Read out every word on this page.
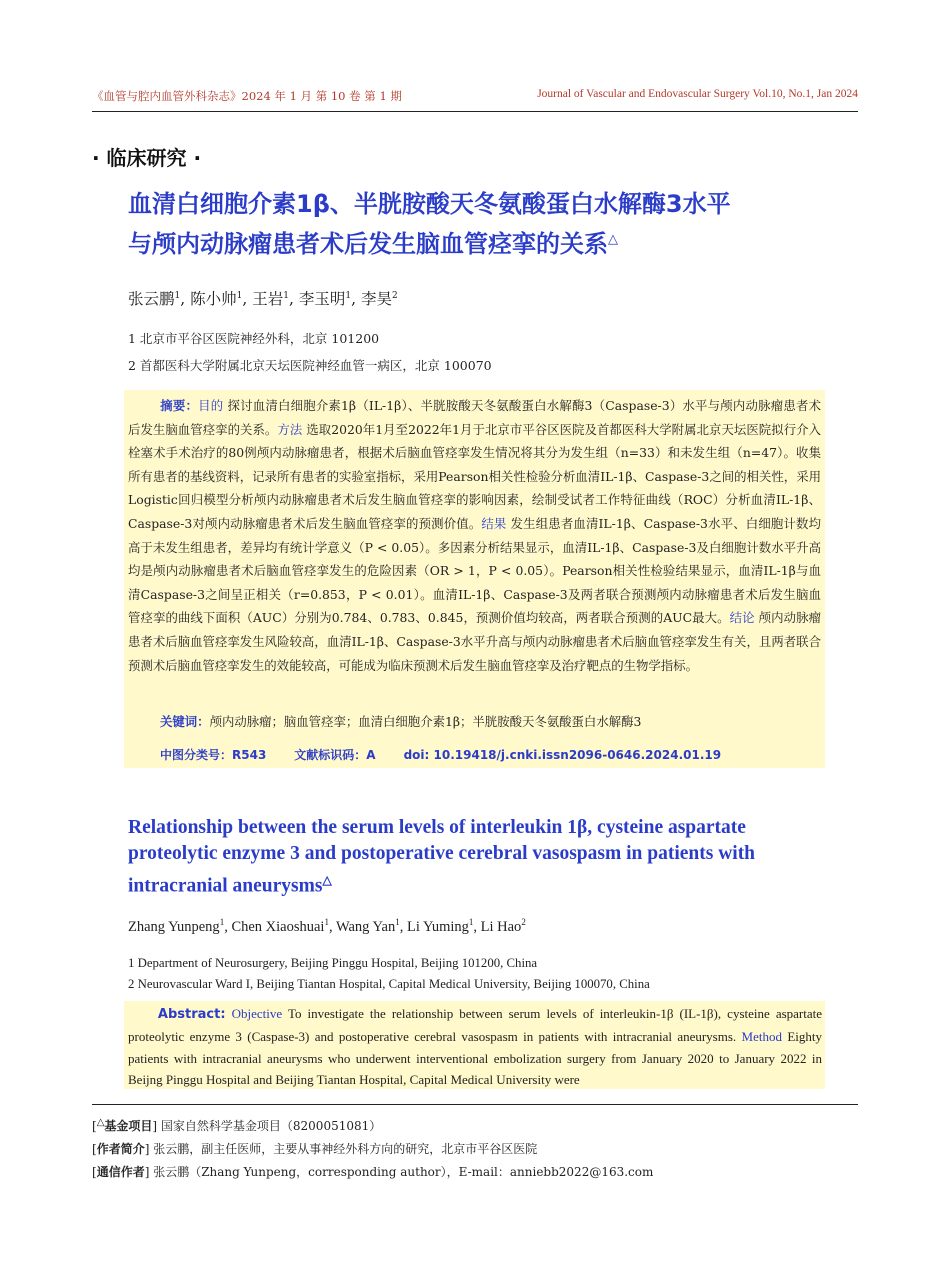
《血管与腔内血管外科杂志》2024 年 1 月 第 10 卷 第 1 期	Journal of Vascular and Endovascular Surgery Vol.10, No.1, Jan 2024
· 临床研究 ·
血清白细胞介素1β、半胱胺酸天冬氨酸蛋白水解酶3水平
与颅内动脉瘤患者术后发生脑血管痉挛的关系△
张云鹏$^1$, 陈小帅$^1$, 王岩$^1$, 李玉明$^1$, 李昊$^2$
1 北京市平谷区医院神经外科，北京 101200
2 首都医科大学附属北京天坛医院神经血管一病区，北京 100070

摘要：目的 探讨血清白细胞介素1β（IL-1β）、半胱胺酸天冬氨酸蛋白水解酶3（Caspase-3）水平与颅内动脉瘤患者术后发生脑血管痉挛的关系。方法 选取2020年1月至2022年1月于北京市平谷区医院及首都医科大学附属北京天坛医院拟行介入栓塞术手术治疗的80例颅内动脉瘤患者，根据术后脑血管痉挛发生情况将其分为发生组（n=33）和未发生组（n=47）。收集所有患者的基线资料，记录所有患者的实验室指标，采用Pearson相关性检验分析血清IL-1β、Caspase-3之间的相关性，采用Logistic回归模型分析颅内动脉瘤患者术后发生脑血管痉挛的影响因素，绘制受试者工作特征曲线（ROC）分析血清IL-1β、Caspase-3对颅内动脉瘤患者术后发生脑血管痉挛的预测价值。结果 发生组患者血清IL-1β、Caspase-3水平、白细胞计数均高于未发生组患者，差异均有统计学意义（P < 0.05）。多因素分析结果显示，血清IL-1β、Caspase-3及白细胞计数水平升高均是颅内动脉瘤患者术后脑血管痉挛发生的危险因素（OR > 1，P < 0.05）。Pearson相关性检验结果显示，血清IL-1β与血清Caspase-3之间呈正相关（r=0.853，P < 0.01）。血清IL-1β、Caspase-3及两者联合预测颅内动脉瘤患者术后发生脑血管痉挛的曲线下面积（AUC）分别为0.784、0.783、0.845，预测价值均较高，两者联合预测的AUC最大。结论 颅内动脉瘤患者术后脑血管痉挛发生风险较高，血清IL-1β、Caspase-3水平升高与颅内动脉瘤患者术后脑血管痉挛发生有关，且两者联合预测术后脑血管痉挛发生的效能较高，可能成为临床预测术后发生脑血管痉挛及治疗靶点的生物学指标。

关键词：颅内动脉瘤；脑血管痉挛；血清白细胞介素1β；半胱胺酸天冬氨酸蛋白水解酶3
中图分类号：R543 文献标识码：A doi: 10.19418/j.cnki.issn2096-0646.2024.01.19
Relationship between the serum levels of interleukin 1β, cysteine aspartate
proteolytic enzyme 3 and postoperative cerebral vasospasm in patients with
intracranial aneurysms△
Zhang Yunpeng$^1$, Chen Xiaoshuai$^1$, Wang Yan$^1$, Li Yuming$^1$, Li Hao$^2$
1 Department of Neurosurgery, Beijing Pinggu Hospital, Beijing 101200, China
2 Neurovascular Ward I, Beijing Tiantan Hospital, Capital Medical University, Beijing 100070, China

Abstract: Objective To investigate the relationship between serum levels of interleukin-1β (IL-1β), cysteine aspartate proteolytic enzyme 3 (Caspase-3) and postoperative cerebral vasospasm in patients with intracranial aneurysms. Method Eighty patients with intracranial aneurysms who underwent interventional embolization surgery from January 2020 to January 2022 in Beijng Pinggu Hospital and Beijing Tiantan Hospital, Capital Medical University were

[△基金项目] 国家自然科学基金项目（8200051081）
[作者简介] 张云鹏，副主任医师，主要从事神经外科方向的研究，北京市平谷区医院
[通信作者] 张云鹏（Zhang Yunpeng，corresponding author），E-mail：anniebb2022@163.com
